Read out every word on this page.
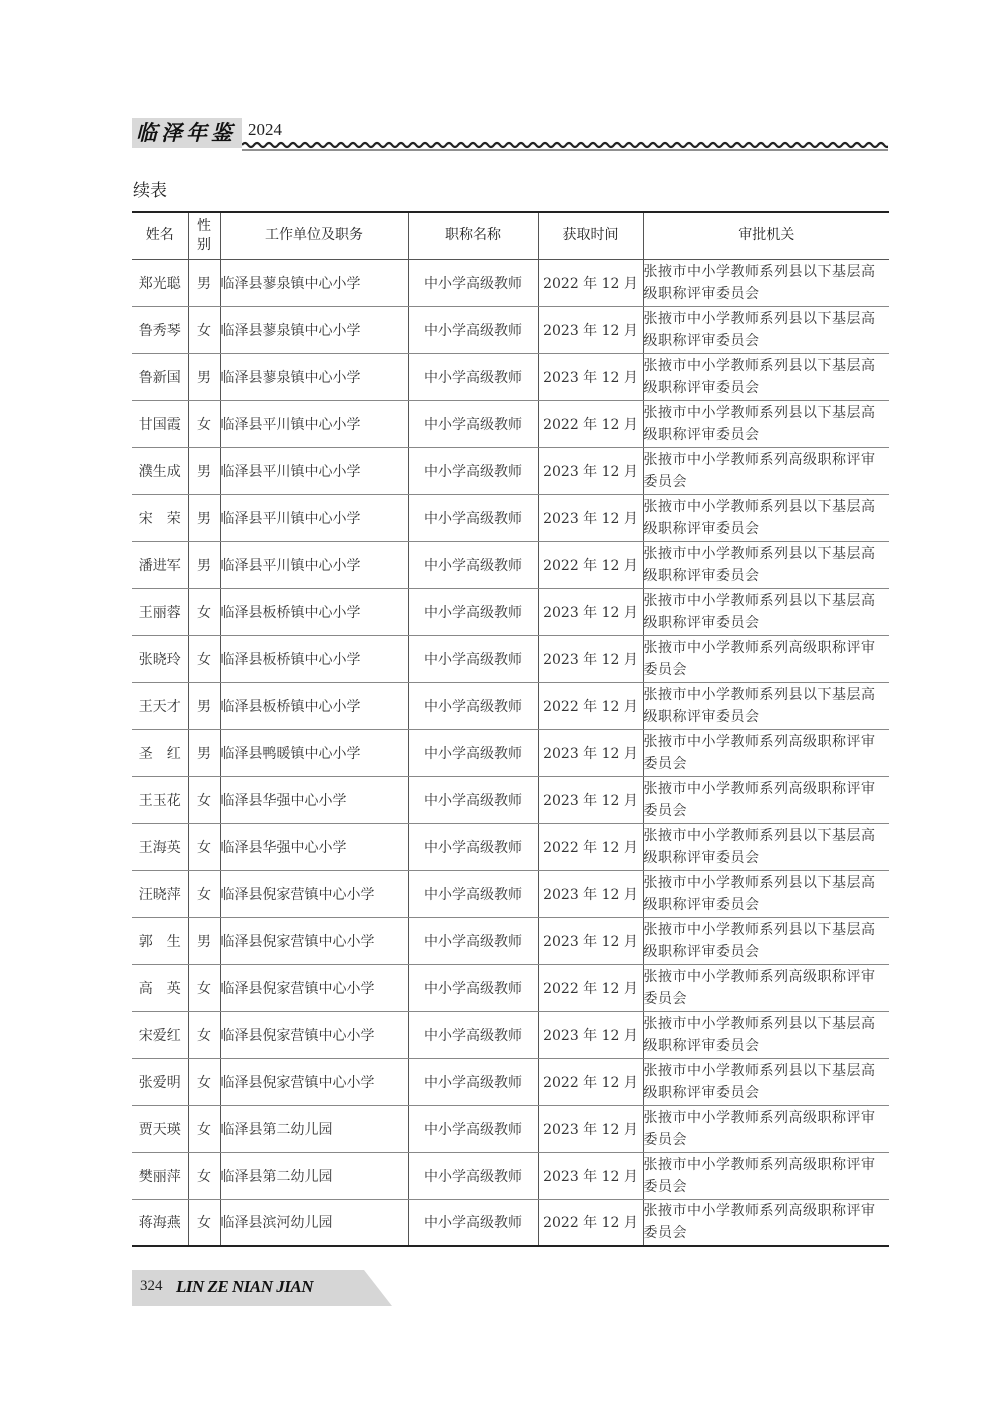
临泽年鉴 2024
续表
姓名	性别	工作单位及职务	职称名称	获取时间	审批机关
郑光聪	男	临泽县蓼泉镇中心小学	中小学高级教师	2022 年 12 月	张掖市中小学教师系列县以下基层高级职称评审委员会
鲁秀琴	女	临泽县蓼泉镇中心小学	中小学高级教师	2023 年 12 月	张掖市中小学教师系列县以下基层高级职称评审委员会
鲁新国	男	临泽县蓼泉镇中心小学	中小学高级教师	2023 年 12 月	张掖市中小学教师系列县以下基层高级职称评审委员会
甘国霞	女	临泽县平川镇中心小学	中小学高级教师	2022 年 12 月	张掖市中小学教师系列县以下基层高级职称评审委员会
濮生成	男	临泽县平川镇中心小学	中小学高级教师	2023 年 12 月	张掖市中小学教师系列高级职称评审委员会
宋　荣	男	临泽县平川镇中心小学	中小学高级教师	2023 年 12 月	张掖市中小学教师系列县以下基层高级职称评审委员会
潘进军	男	临泽县平川镇中心小学	中小学高级教师	2022 年 12 月	张掖市中小学教师系列县以下基层高级职称评审委员会
王丽蓉	女	临泽县板桥镇中心小学	中小学高级教师	2023 年 12 月	张掖市中小学教师系列县以下基层高级职称评审委员会
张晓玲	女	临泽县板桥镇中心小学	中小学高级教师	2023 年 12 月	张掖市中小学教师系列高级职称评审委员会
王天才	男	临泽县板桥镇中心小学	中小学高级教师	2022 年 12 月	张掖市中小学教师系列县以下基层高级职称评审委员会
圣　红	男	临泽县鸭暖镇中心小学	中小学高级教师	2023 年 12 月	张掖市中小学教师系列高级职称评审委员会
王玉花	女	临泽县华强中心小学	中小学高级教师	2023 年 12 月	张掖市中小学教师系列高级职称评审委员会
王海英	女	临泽县华强中心小学	中小学高级教师	2022 年 12 月	张掖市中小学教师系列县以下基层高级职称评审委员会
汪晓萍	女	临泽县倪家营镇中心小学	中小学高级教师	2023 年 12 月	张掖市中小学教师系列县以下基层高级职称评审委员会
郭　生	男	临泽县倪家营镇中心小学	中小学高级教师	2023 年 12 月	张掖市中小学教师系列县以下基层高级职称评审委员会
高　英	女	临泽县倪家营镇中心小学	中小学高级教师	2022 年 12 月	张掖市中小学教师系列高级职称评审委员会
宋爱红	女	临泽县倪家营镇中心小学	中小学高级教师	2023 年 12 月	张掖市中小学教师系列县以下基层高级职称评审委员会
张爱明	女	临泽县倪家营镇中心小学	中小学高级教师	2022 年 12 月	张掖市中小学教师系列县以下基层高级职称评审委员会
贾天瑛	女	临泽县第二幼儿园	中小学高级教师	2023 年 12 月	张掖市中小学教师系列高级职称评审委员会
樊丽萍	女	临泽县第二幼儿园	中小学高级教师	2023 年 12 月	张掖市中小学教师系列高级职称评审委员会
蒋海燕	女	临泽县滨河幼儿园	中小学高级教师	2022 年 12 月	张掖市中小学教师系列高级职称评审委员会
324 LIN ZE NIAN JIAN
